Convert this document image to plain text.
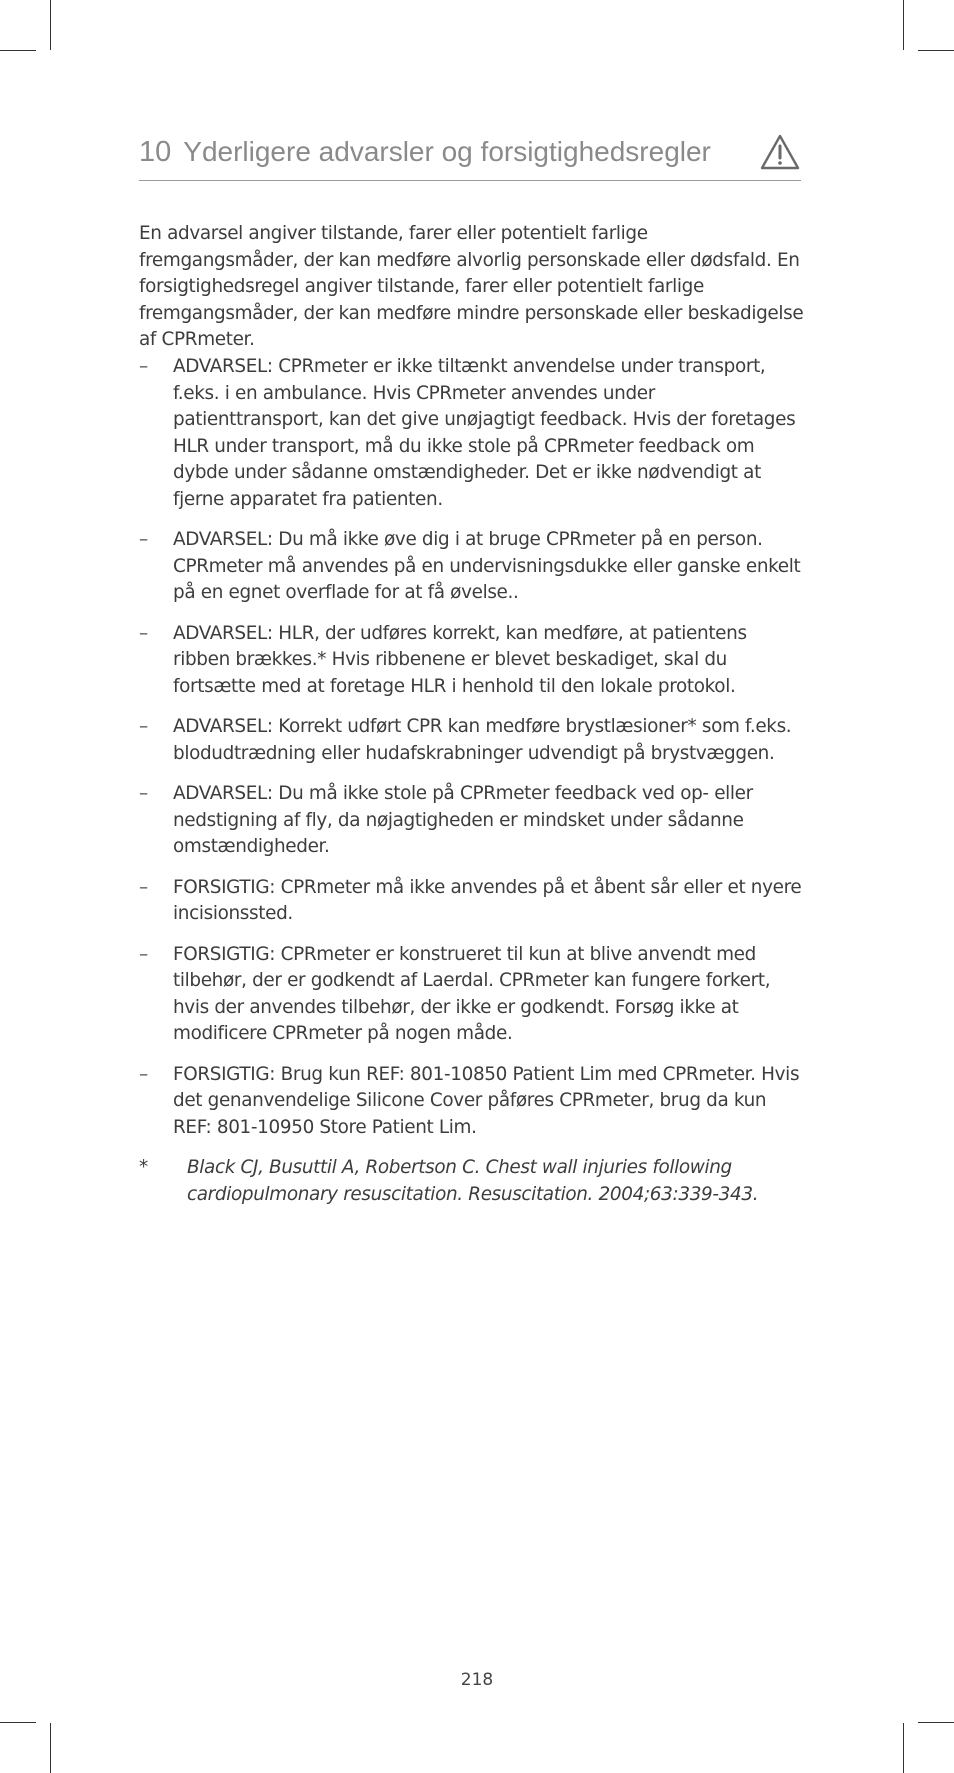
10 Yderligere advarsler og forsigtighedsregler

En advarsel angiver tilstande, farer eller potentielt farlige fremgangsmåder, der kan medføre alvorlig personskade eller dødsfald. En forsigtighedsregel angiver tilstande, farer eller potentielt farlige fremgangsmåder, der kan medføre mindre personskade eller beskadigelse af CPRmeter.

– ADVARSEL: CPRmeter er ikke tiltænkt anvendelse under transport, f.eks. i en ambulance. Hvis CPRmeter anvendes under patienttransport, kan det give unøjagtigt feedback. Hvis der foretages HLR under transport, må du ikke stole på CPRmeter feedback om dybde under sådanne omstændigheder. Det er ikke nødvendigt at fjerne apparatet fra patienten.
– ADVARSEL: Du må ikke øve dig i at bruge CPRmeter på en person. CPRmeter må anvendes på en undervisningsdukke eller ganske enkelt på en egnet overflade for at få øvelse..
– ADVARSEL: HLR, der udføres korrekt, kan medføre, at patientens ribben brækkes.* Hvis ribbenene er blevet beskadiget, skal du fortsætte med at foretage HLR i henhold til den lokale protokol.
– ADVARSEL: Korrekt udført CPR kan medføre brystlæsioner* som f.eks. blodudtrædning eller hudafskrabninger udvendigt på brystvæggen.
– ADVARSEL: Du må ikke stole på CPRmeter feedback ved op- eller nedstigning af fly, da nøjagtigheden er mindsket under sådanne omstændigheder.
– FORSIGTIG: CPRmeter må ikke anvendes på et åbent sår eller et nyere incisionssted.
– FORSIGTIG: CPRmeter er konstrueret til kun at blive anvendt med tilbehør, der er godkendt af Laerdal. CPRmeter kan fungere forkert, hvis der anvendes tilbehør, der ikke er godkendt. Forsøg ikke at modificere CPRmeter på nogen måde.
– FORSIGTIG: Brug kun REF: 801-10850 Patient Lim med CPRmeter. Hvis det genanvendelige Silicone Cover påføres CPRmeter, brug da kun REF: 801-10950 Store Patient Lim.
* Black CJ, Busuttil A, Robertson C. Chest wall injuries following cardiopulmonary resuscitation. Resuscitation. 2004;63:339-343.
218
